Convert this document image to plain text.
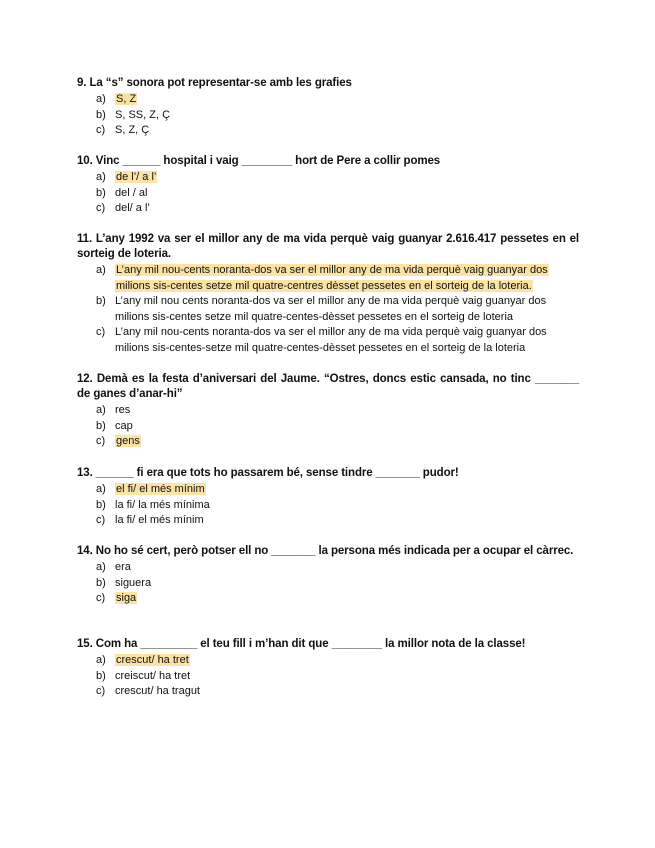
9. La “s” sonora pot representar-se amb les grafies
a) S, Z
b) S, SS, Z, Ç
c) S, Z, Ç
10. Vinc ______ hospital i vaig ________ hort de Pere a collir pomes
a) de l’/ a l’
b) del / al
c) del/ a l’
11. L’any 1992 va ser el millor any de ma vida perquè vaig guanyar 2.616.417 pessetes en el sorteig de loteria.
a) L’any mil nou-cents noranta-dos va ser el millor any de ma vida perquè vaig guanyar dos milions sis-centes setze mil quatre-centres dèsset pessetes en el sorteig de la loteria.
b) L’any mil nou cents noranta-dos va ser el millor any de ma vida perquè vaig guanyar dos milions sis-centes setze mil quatre-centes-dèsset pessetes en el sorteig de loteria
c) L’any mil nou-cents noranta-dos va ser el millor any de ma vida perquè vaig guanyar dos milions sis-centes-setze mil quatre-centes-dèsset pessetes en el sorteig de la loteria
12. Demà es la festa d’aniversari del Jaume. “Ostres, doncs estic cansada, no tinc _______ de ganes d’anar-hi”
a) res
b) cap
c) gens
13. ______ fi era que tots ho passarem bé, sense tindre _______ pudor!
a) el fi/ el més mínim
b) la fi/ la més mínima
c) la fi/ el més mínim
14. No ho sé cert, però potser ell no _______ la persona més indicada per a ocupar el càrrec.
a) era
b) siguera
c) siga
15. Com ha _________ el teu fill i m’han dit que ________ la millor nota de la classe!
a) crescut/ ha tret
b) creiscut/ ha tret
c) crescut/ ha tragut
